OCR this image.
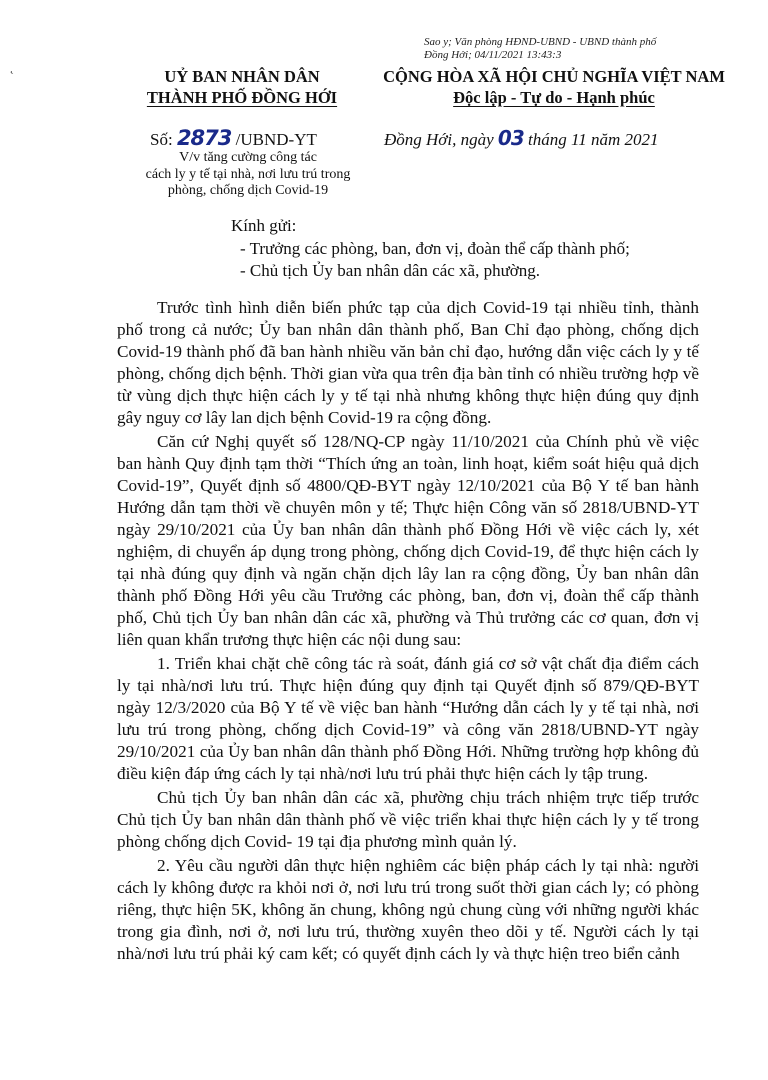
Sao y; Văn phòng HĐND-UBND - UBND thành phố
Đồng Hới; 04/11/2021 13:43:3
˛	UỶ BAN NHÂN DÂN
THÀNH PHỐ ĐỒNG HỚI
CỘNG HÒA XÃ HỘI CHỦ NGHĨA VIỆT NAM
Độc lập - Tự do - Hạnh phúc
Số: 2873 /UBND-YT	Đồng Hới, ngày 03 tháng 11 năm 2021
V/v tăng cường công tác
cách ly y tế tại nhà, nơi lưu trú trong
phòng, chống dịch Covid-19
Kính gửi:
- Trưởng các phòng, ban, đơn vị, đoàn thể cấp thành phố;
- Chủ tịch Ủy ban nhân dân các xã, phường.

Trước tình hình diễn biến phức tạp của dịch Covid-19 tại nhiều tỉnh, thành phố trong cả nước; Ủy ban nhân dân thành phố, Ban Chỉ đạo phòng, chống dịch Covid-19 thành phố đã ban hành nhiều văn bản chỉ đạo, hướng dẫn việc cách ly y tế phòng, chống dịch bệnh. Thời gian vừa qua trên địa bàn tỉnh có nhiều trường hợp về từ vùng dịch thực hiện cách ly y tế tại nhà nhưng không thực hiện đúng quy định gây nguy cơ lây lan dịch bệnh Covid-19 ra cộng đồng.

Căn cứ Nghị quyết số 128/NQ-CP ngày 11/10/2021 của Chính phủ về việc ban hành Quy định tạm thời “Thích ứng an toàn, linh hoạt, kiểm soát hiệu quả dịch Covid-19”, Quyết định số 4800/QĐ-BYT ngày 12/10/2021 của Bộ Y tế ban hành Hướng dẫn tạm thời về chuyên môn y tế; Thực hiện Công văn số 2818/UBND-YT ngày 29/10/2021 của Ủy ban nhân dân thành phố Đồng Hới về việc cách ly, xét nghiệm, di chuyển áp dụng trong phòng, chống dịch Covid-19, để thực hiện cách ly tại nhà đúng quy định và ngăn chặn dịch lây lan ra cộng đồng, Ủy ban nhân dân thành phố Đồng Hới yêu cầu Trưởng các phòng, ban, đơn vị, đoàn thể cấp thành phố, Chủ tịch Ủy ban nhân dân các xã, phường và Thủ trưởng các cơ quan, đơn vị liên quan khẩn trương thực hiện các nội dung sau:

1. Triển khai chặt chẽ công tác rà soát, đánh giá cơ sở vật chất địa điểm cách ly tại nhà/nơi lưu trú. Thực hiện đúng quy định tại Quyết định số 879/QĐ-BYT ngày 12/3/2020 của Bộ Y tế về việc ban hành “Hướng dẫn cách ly y tế tại nhà, nơi lưu trú trong phòng, chống dịch Covid-19” và công văn 2818/UBND-YT ngày 29/10/2021 của Ủy ban nhân dân thành phố Đồng Hới. Những trường hợp không đủ điều kiện đáp ứng cách ly tại nhà/nơi lưu trú phải thực hiện cách ly tập trung.

Chủ tịch Ủy ban nhân dân các xã, phường chịu trách nhiệm trực tiếp trước Chủ tịch Ủy ban nhân dân thành phố về việc triển khai thực hiện cách ly y tế trong phòng chống dịch Covid- 19 tại địa phương mình quản lý.

2. Yêu cầu người dân thực hiện nghiêm các biện pháp cách ly tại nhà: người cách ly không được ra khỏi nơi ở, nơi lưu trú trong suốt thời gian cách ly; có phòng riêng, thực hiện 5K, không ăn chung, không ngủ chung cùng với những người khác trong gia đình, nơi ở, nơi lưu trú, thường xuyên theo dõi y tế. Người cách ly tại nhà/nơi lưu trú phải ký cam kết; có quyết định cách ly và thực hiện treo biển cảnh
